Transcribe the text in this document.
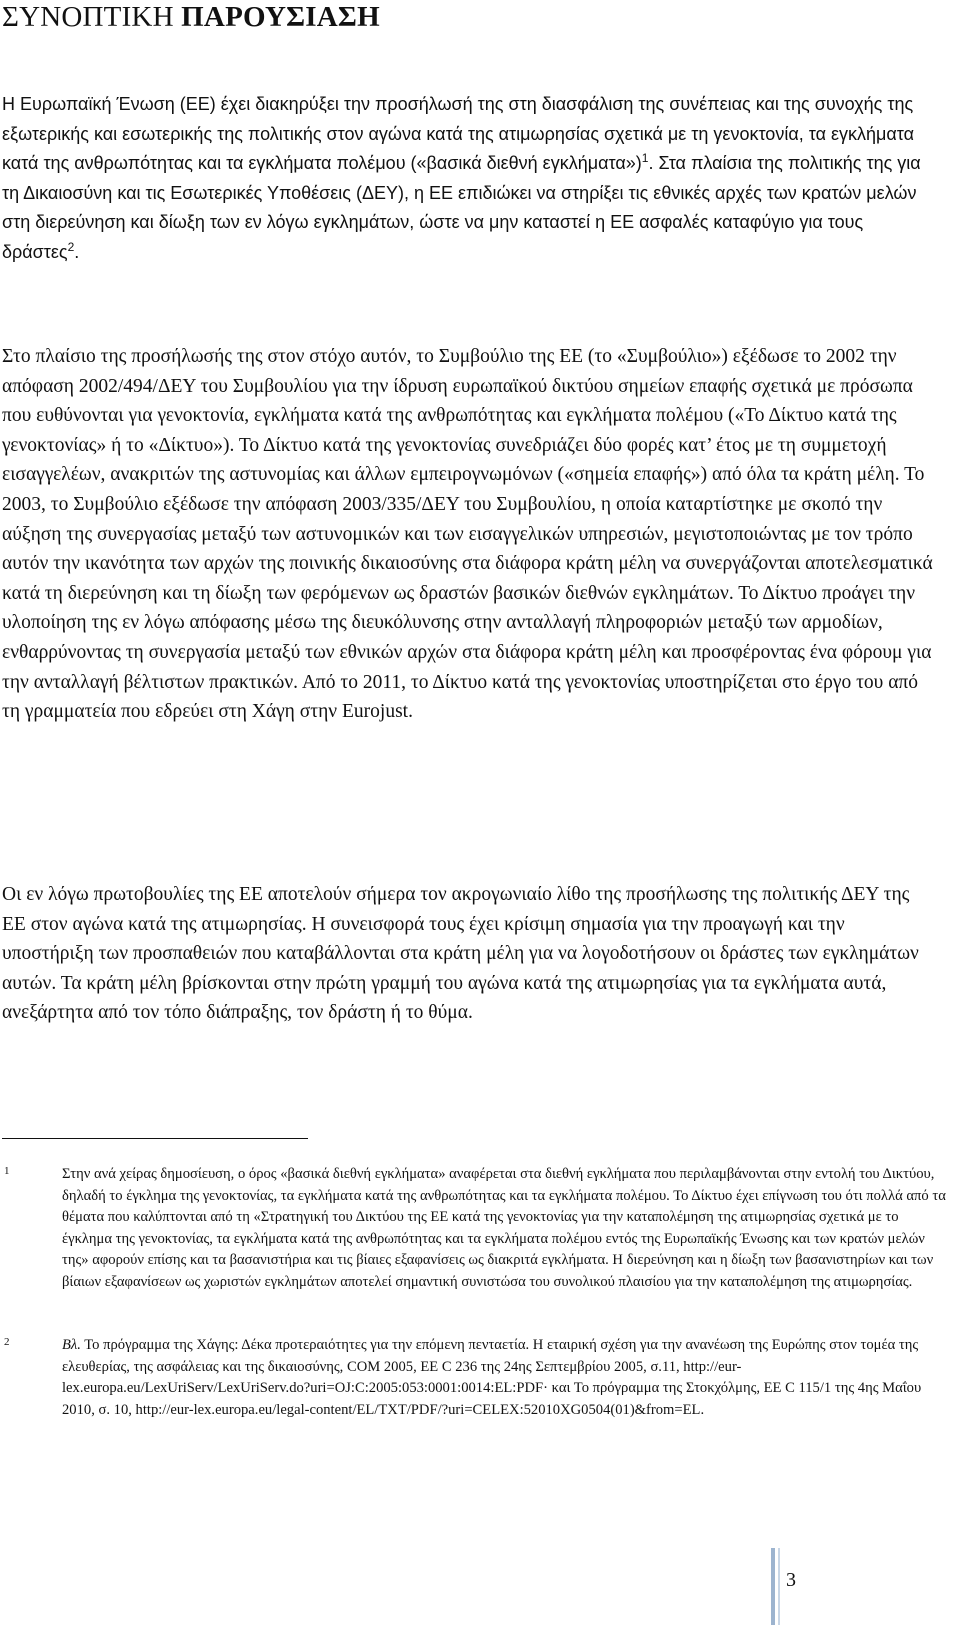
ΣΥΝΟΠΤΙΚΗ ΠΑΡΟΥΣΙΑΣΗ

Η Ευρωπαϊκή Ένωση (ΕΕ) έχει διακηρύξει την προσήλωσή της στη διασφάλιση της συνέπειας και της συνοχής της εξωτερικής και εσωτερικής της πολιτικής στον αγώνα κατά της ατιμωρησίας σχετικά με τη γενοκτονία, τα εγκλήματα κατά της ανθρωπότητας και τα εγκλήματα πολέμου («βασικά διεθνή εγκλήματα»)$^1$. Στα πλαίσια της πολιτικής της για τη Δικαιοσύνη και τις Εσωτερικές Υποθέσεις (ΔΕΥ), η ΕΕ επιδιώκει να στηρίξει τις εθνικές αρχές των κρατών μελών στη διερεύνηση και δίωξη των εν λόγω εγκλημάτων, ώστε να μην καταστεί η ΕΕ ασφαλές καταφύγιο για τους δράστες$^2$.

Στο πλαίσιο της προσήλωσής της στον στόχο αυτόν, το Συμβούλιο της ΕΕ (το «Συμβούλιο») εξέδωσε το 2002 την απόφαση 2002/494/ΔΕΥ του Συμβουλίου για την ίδρυση ευρωπαϊκού δικτύου σημείων επαφής σχετικά με πρόσωπα που ευθύνονται για γενοκτονία, εγκλήματα κατά της ανθρωπότητας και εγκλήματα πολέμου («Το Δίκτυο κατά της γενοκτονίας» ή το «Δίκτυο»). Το Δίκτυο κατά της γενοκτονίας συνεδριάζει δύο φορές κατ’ έτος με τη συμμετοχή εισαγγελέων, ανακριτών της αστυνομίας και άλλων εμπειρογνωμόνων («σημεία επαφής») από όλα τα κράτη μέλη. Το 2003, το Συμβούλιο εξέδωσε την απόφαση 2003/335/ΔΕΥ του Συμβουλίου, η οποία καταρτίστηκε με σκοπό την αύξηση της συνεργασίας μεταξύ των αστυνομικών και των εισαγγελικών υπηρεσιών, μεγιστοποιώντας με τον τρόπο αυτόν την ικανότητα των αρχών της ποινικής δικαιοσύνης στα διάφορα κράτη μέλη να συνεργάζονται αποτελεσματικά κατά τη διερεύνηση και τη δίωξη των φερόμενων ως δραστών βασικών διεθνών εγκλημάτων. Το Δίκτυο προάγει την υλοποίηση της εν λόγω απόφασης μέσω της διευκόλυνσης στην ανταλλαγή πληροφοριών μεταξύ των αρμοδίων, ενθαρρύνοντας τη συνεργασία μεταξύ των εθνικών αρχών στα διάφορα κράτη μέλη και προσφέροντας ένα φόρουμ για την ανταλλαγή βέλτιστων πρακτικών. Από το 2011, το Δίκτυο κατά της γενοκτονίας υποστηρίζεται στο έργο του από τη γραμματεία που εδρεύει στη Χάγη στην Eurojust.

Οι εν λόγω πρωτοβουλίες της ΕΕ αποτελούν σήμερα τον ακρογωνιαίο λίθο της προσήλωσης της πολιτικής ΔΕΥ της ΕΕ στον αγώνα κατά της ατιμωρησίας. Η συνεισφορά τους έχει κρίσιμη σημασία για την προαγωγή και την υποστήριξη των προσπαθειών που καταβάλλονται στα κράτη μέλη για να λογοδοτήσουν οι δράστες των εγκλημάτων αυτών. Τα κράτη μέλη βρίσκονται στην πρώτη γραμμή του αγώνα κατά της ατιμωρησίας για τα εγκλήματα αυτά, ανεξάρτητα από τον τόπο διάπραξης, τον δράστη ή το θύμα.

1	Στην ανά χείρας δημοσίευση, ο όρος «βασικά διεθνή εγκλήματα» αναφέρεται στα διεθνή εγκλήματα που περιλαμβάνονται στην εντολή του Δικτύου, δηλαδή το έγκλημα της γενοκτονίας, τα εγκλήματα κατά της ανθρωπότητας και τα εγκλήματα πολέμου. Το Δίκτυο έχει επίγνωση του ότι πολλά από τα θέματα που καλύπτονται από τη «Στρατηγική του Δικτύου της ΕΕ κατά της γενοκτονίας για την καταπολέμηση της ατιμωρησίας σχετικά με το έγκλημα της γενοκτονίας, τα εγκλήματα κατά της ανθρωπότητας και τα εγκλήματα πολέμου εντός της Ευρωπαϊκής Ένωσης και των κρατών μελών της» αφορούν επίσης και τα βασανιστήρια και τις βίαιες εξαφανίσεις ως διακριτά εγκλήματα. Η διερεύνηση και η δίωξη των βασανιστηρίων και των βίαιων εξαφανίσεων ως χωριστών εγκλημάτων αποτελεί σημαντική συνιστώσα του συνολικού πλαισίου για την καταπολέμηση της ατιμωρησίας.
2	Βλ. Το πρόγραμμα της Χάγης: Δέκα προτεραιότητες για την επόμενη πενταετία. Η εταιρική σχέση για την ανανέωση της Ευρώπης στον τομέα της ελευθερίας, της ασφάλειας και της δικαιοσύνης, COM 2005, ΕΕ C 236 της 24ης Σεπτεμβρίου 2005, σ.11, http://eur-lex.europa.eu/LexUriServ/LexUriServ.do?uri=OJ:C:2005:053:0001:0014:EL:PDF· και Το πρόγραμμα της Στοκχόλμης, ΕΕ C 115/1 της 4ης Μαΐου 2010, σ. 10, http://eur-lex.europa.eu/legal-content/EL/TXT/PDF/?uri=CELEX:52010XG0504(01)&from=EL.
3
